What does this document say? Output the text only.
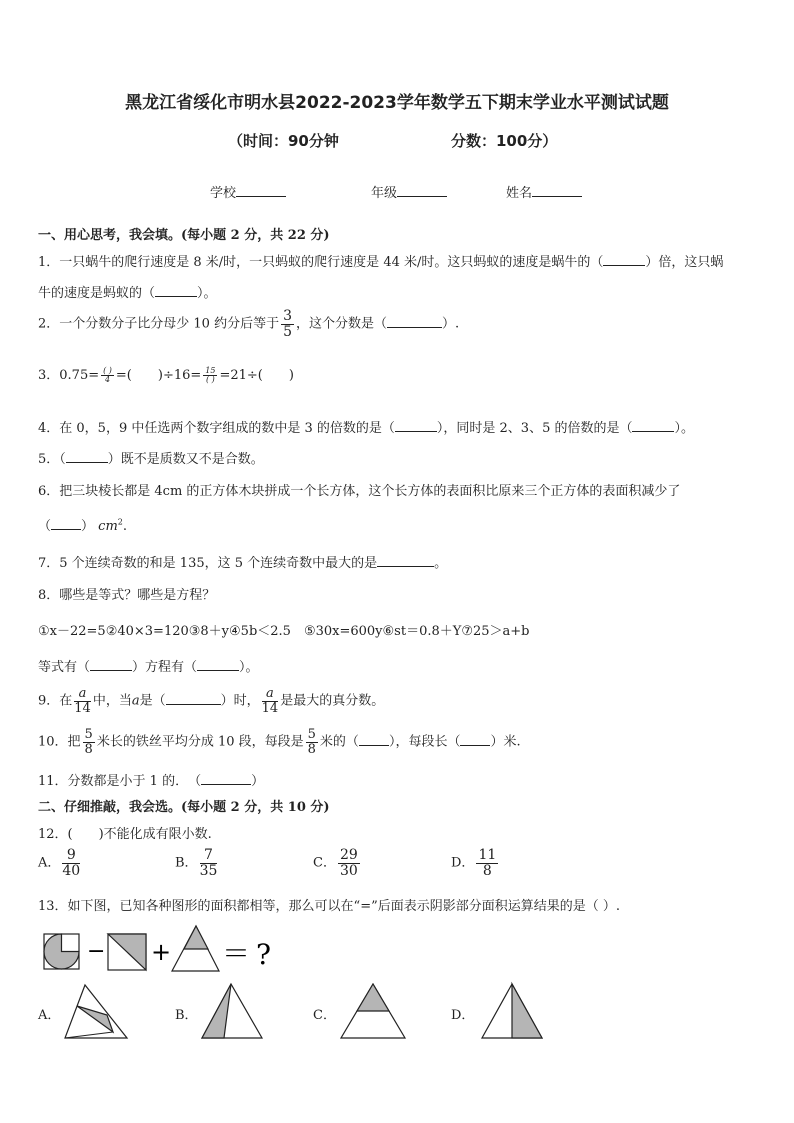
黑龙江省绥化市明水县2022-2023学年数学五下期末学业水平测试试题
（时间：90分钟	分数：100分）
学校	年级	姓名
一、用心思考，我会填。(每小题 2 分，共 22 分)
1．一只蜗牛的爬行速度是 8 米/时，一只蚂蚁的爬行速度是 44 米/时。这只蚂蚁的速度是蜗牛的（	）倍，这只蜗
牛的速度是蚂蚁的（	）。
2．一个分数分子比分母少 10 约分后等于 $\frac{3}{5}$ ，这个分数是（	）.
3．$0.75= \frac{( )}{4}$ =(　　)$\div 16= \frac{15}{( )} =21\div$(　　)
4．在 0，5，9 中任选两个数字组成的数中是 3 的倍数的是（	），同时是 2、3、5 的倍数的是（	）。
5．（	）既不是质数又不是合数。
6．把三块棱长都是 4cm 的正方体木块拼成一个长方体，这个长方体的表面积比原来三个正方体的表面积减少了
（ ） $cm^2$.
7．5 个连续奇数的和是 135，这 5 个连续奇数中最大的是	。
8．哪些是等式？哪些是方程？
①x－22=5②40×3=120③8＋y④5b＜2.5　⑤30x=600y⑥st＝0.8＋Y⑦25＞a+b
等式有（	）方程有（	）。
9．在 $\frac{a}{14}$ 中，当a是（	）时， $\frac{a}{14}$ 是最大的真分数。
10．把 $\frac{5}{8}$ 米长的铁丝平均分成 10 段，每段是 $\frac{5}{8}$ 米的（ ），每段长（ ）米.
11．分数都是小于 1 的．　（	）
二、仔细推敲，我会选。(每小题 2 分，共 10 分)
12．(　　)不能化成有限小数.
A． $\frac{9}{40}$	B． $\frac{7}{35}$	C． $\frac{29}{30}$	D． $\frac{11}{8}$
13．如下图，已知各种图形的面积都相等，那么可以在“=”后面表示阴影部分面积运算结果的是（ ）.
− + ＝ ?
A．	B．	C．	D．
